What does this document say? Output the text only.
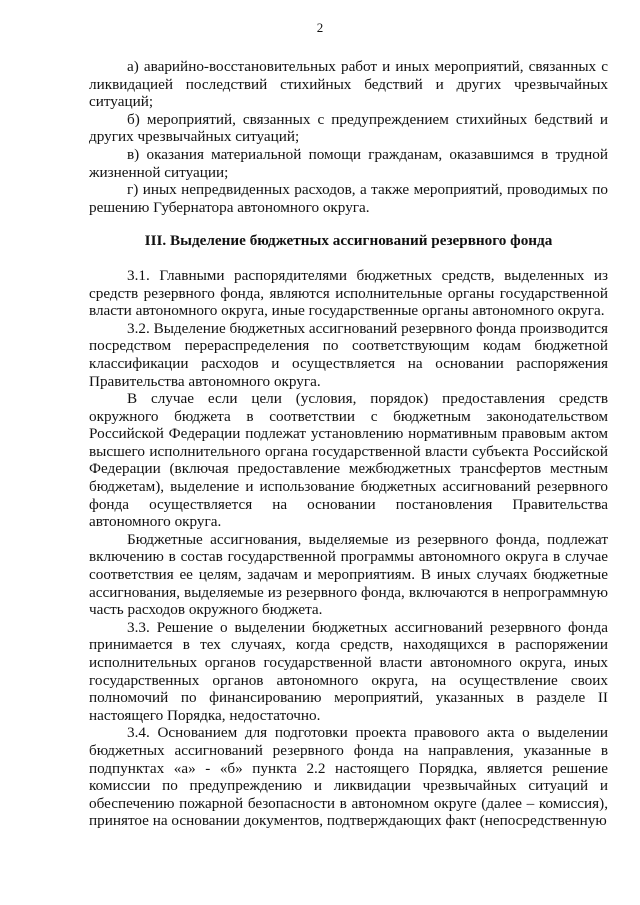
2

а) аварийно-восстановительных работ и иных мероприятий, связанных с ликвидацией последствий стихийных бедствий и других чрезвычайных ситуаций;

б) мероприятий, связанных с предупреждением стихийных бедствий и других чрезвычайных ситуаций;

в) оказания материальной помощи гражданам, оказавшимся в трудной жизненной ситуации;

г) иных непредвиденных расходов, а также мероприятий, проводимых по решению Губернатора автономного округа.

III. Выделение бюджетных ассигнований резервного фонда

3.1. Главными распорядителями бюджетных средств, выделенных из средств резервного фонда, являются исполнительные органы государственной власти автономного округа, иные государственные органы автономного округа.

3.2. Выделение бюджетных ассигнований резервного фонда производится посредством перераспределения по соответствующим кодам бюджетной классификации расходов и осуществляется на основании распоряжения Правительства автономного округа.

В случае если цели (условия, порядок) предоставления средств окружного бюджета в соответствии с бюджетным законодательством Российской Федерации подлежат установлению нормативным правовым актом высшего исполнительного органа государственной власти субъекта Российской Федерации (включая предоставление межбюджетных трансфертов местным бюджетам), выделение и использование бюджетных ассигнований резервного фонда осуществляется на основании постановления Правительства автономного округа.

Бюджетные ассигнования, выделяемые из резервного фонда, подлежат включению в состав государственной программы автономного округа в случае соответствия ее целям, задачам и мероприятиям. В иных случаях бюджетные ассигнования, выделяемые из резервного фонда, включаются в непрограммную часть расходов окружного бюджета.

3.3. Решение о выделении бюджетных ассигнований резервного фонда принимается в тех случаях, когда средств, находящихся в распоряжении исполнительных органов государственной власти автономного округа, иных государственных органов автономного округа, на осуществление своих полномочий по финансированию мероприятий, указанных в разделе II настоящего Порядка, недостаточно.

3.4. Основанием для подготовки проекта правового акта о выделении бюджетных ассигнований резервного фонда на направления, указанные в подпунктах «а» - «б» пункта 2.2 настоящего Порядка, является решение комиссии по предупреждению и ликвидации чрезвычайных ситуаций и обеспечению пожарной безопасности в автономном округе (далее – комиссия), принятое на основании документов, подтверждающих факт (непосредственную
